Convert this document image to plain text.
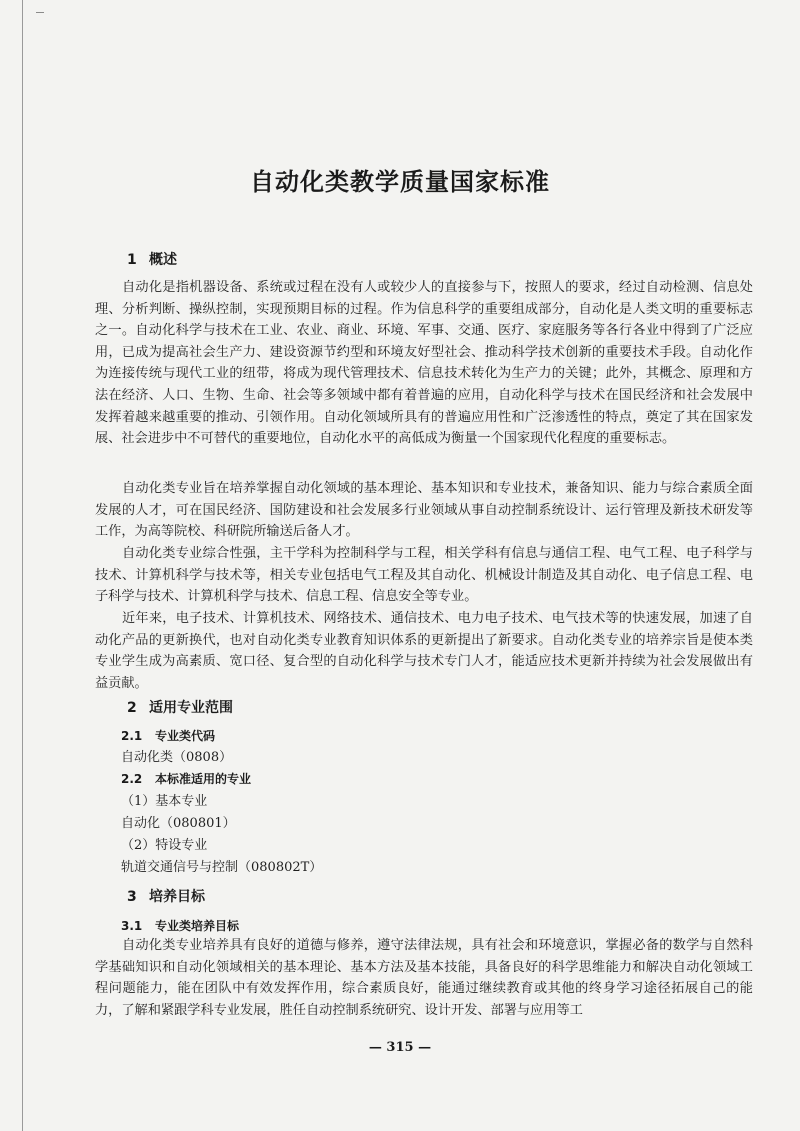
自动化类教学质量国家标准
1 概述

自动化是指机器设备、系统或过程在没有人或较少人的直接参与下，按照人的要求，经过自动检测、信息处理、分析判断、操纵控制，实现预期目标的过程。作为信息科学的重要组成部分，自动化是人类文明的重要标志之一。自动化科学与技术在工业、农业、商业、环境、军事、交通、医疗、家庭服务等各行各业中得到了广泛应用，已成为提高社会生产力、建设资源节约型和环境友好型社会、推动科学技术创新的重要技术手段。自动化作为连接传统与现代工业的纽带，将成为现代管理技术、信息技术转化为生产力的关键；此外，其概念、原理和方法在经济、人口、生物、生命、社会等多领域中都有着普遍的应用，自动化科学与技术在国民经济和社会发展中发挥着越来越重要的推动、引领作用。自动化领域所具有的普遍应用性和广泛渗透性的特点，奠定了其在国家发展、社会进步中不可替代的重要地位，自动化水平的高低成为衡量一个国家现代化程度的重要标志。

自动化类专业旨在培养掌握自动化领域的基本理论、基本知识和专业技术，兼备知识、能力与综合素质全面发展的人才，可在国民经济、国防建设和社会发展多行业领域从事自动控制系统设计、运行管理及新技术研发等工作，为高等院校、科研院所输送后备人才。

自动化类专业综合性强，主干学科为控制科学与工程，相关学科有信息与通信工程、电气工程、电子科学与技术、计算机科学与技术等，相关专业包括电气工程及其自动化、机械设计制造及其自动化、电子信息工程、电子科学与技术、计算机科学与技术、信息工程、信息安全等专业。

近年来，电子技术、计算机技术、网络技术、通信技术、电力电子技术、电气技术等的快速发展，加速了自动化产品的更新换代，也对自动化类专业教育知识体系的更新提出了新要求。自动化类专业的培养宗旨是使本类专业学生成为高素质、宽口径、复合型的自动化科学与技术专门人才，能适应技术更新并持续为社会发展做出有益贡献。

2 适用专业范围
2.1 专业类代码
自动化类（0808）
2.2 本标准适用的专业
（1）基本专业
自动化（080801）
（2）特设专业
轨道交通信号与控制（080802T）
3 培养目标
3.1 专业类培养目标

自动化类专业培养具有良好的道德与修养，遵守法律法规，具有社会和环境意识，掌握必备的数学与自然科学基础知识和自动化领域相关的基本理论、基本方法及基本技能，具备良好的科学思维能力和解决自动化领域工程问题能力，能在团队中有效发挥作用，综合素质良好，能通过继续教育或其他的终身学习途径拓展自己的能力，了解和紧跟学科专业发展，胜任自动控制系统研究、设计开发、部署与应用等工

— 315 —
